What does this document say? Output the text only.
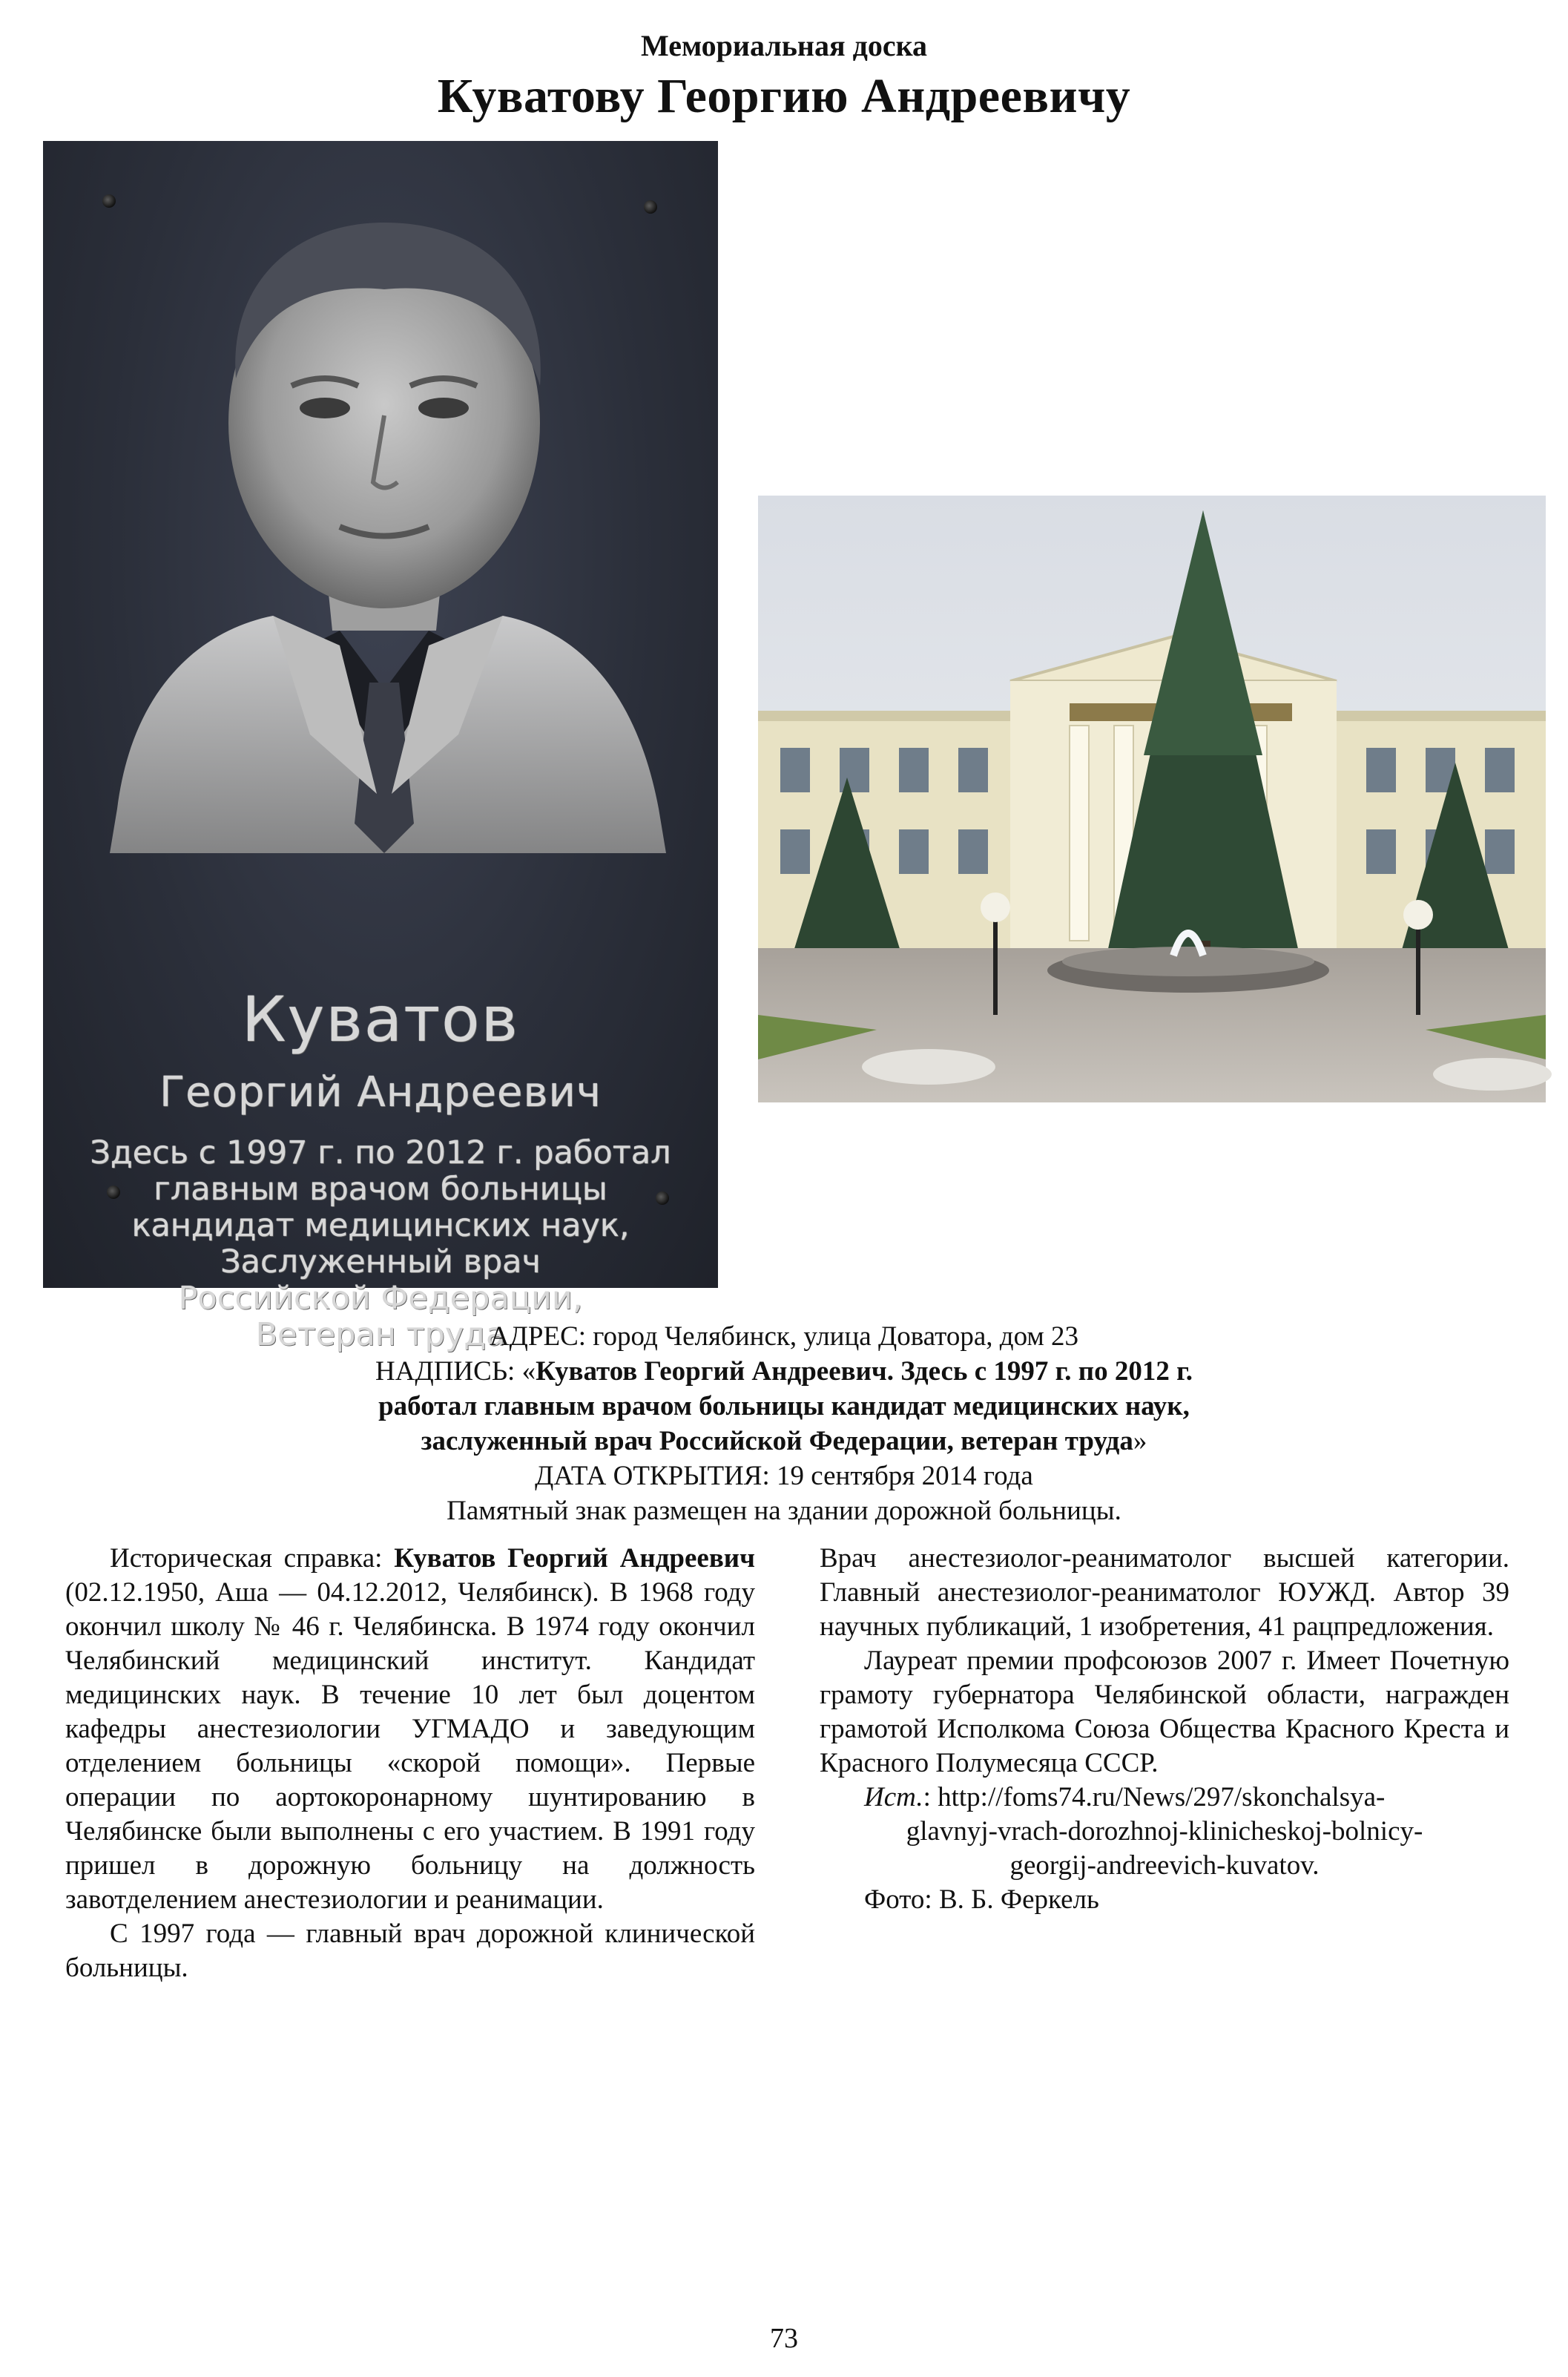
Мемориальная доска
Куватову Георгию Андреевичу
Куватов
Георгий Андреевич
Здесь с 1997 г. по 2012 г. работал
главным врачом больницы
кандидат медицинских наук,
Заслуженный врач
Российской Федерации,
Ветеран труда
АДРЕС: город Челябинск, улица Доватора, дом 23
НАДПИСЬ: «Куватов Георгий Андреевич. Здесь с 1997 г. по 2012 г.
работал главным врачом больницы кандидат медицинских наук,
заслуженный врач Российской Федерации, ветеран труда»
ДАТА ОТКРЫТИЯ: 19 сентября 2014 года
Памятный знак размещен на здании дорожной больницы.

Историческая справка: Куватов Георгий Андреевич (02.12.1950, Аша — 04.12.2012, Челябинск). В 1968 году окончил школу № 46 г. Челябинска. В 1974 году окончил Челябинский медицинский институт. Кандидат медицинских наук. В течение 10 лет был доцентом кафедры анестезиологии УГМАДО и заведующим отделением больницы «скорой помощи». Первые операции по аортокоронарному шунтированию в Челябинске были выполнены с его участием. В 1991 году пришел в дорожную больницу на должность завотделением анестезиологии и реанимации.

С 1997 года — главный врач дорожной клинической больницы.

Врач анестезиолог-реаниматолог высшей категории. Главный анестезиолог-реаниматолог ЮУЖД. Автор 39 научных публикаций, 1 изобретения, 41 рацпредложения.

Лауреат премии профсоюзов 2007 г. Имеет Почетную грамоту губернатора Челябинской области, награжден грамотой Исполкома Союза Общества Красного Креста и Красного Полумесяца СССР.

Ист.: http://foms74.ru/News/297/skonchalsya-

glavnyj-vrach-dorozhnoj-klinicheskoj-bolnicy-

georgij-andreevich-kuvatov.

Фото: В. Б. Феркель

73
